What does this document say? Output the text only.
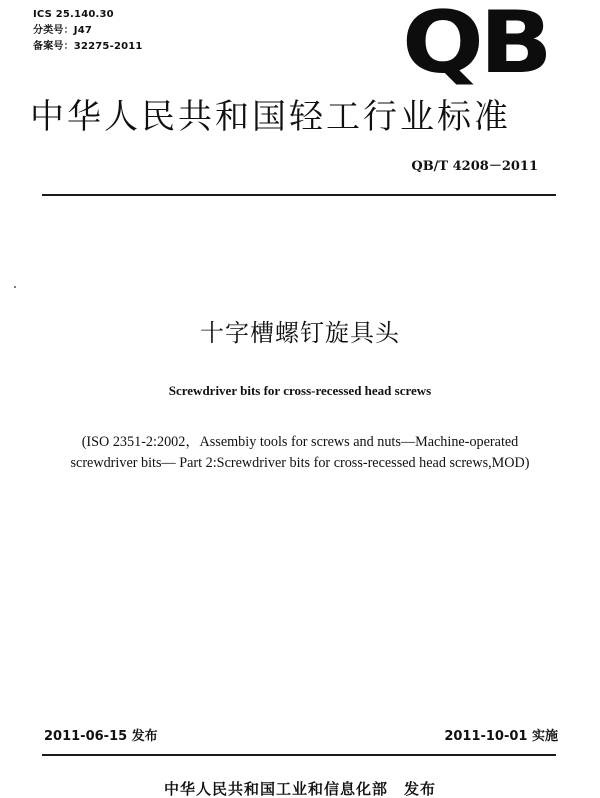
ICS 25.140.30
分类号：J47
备案号：32275-2011	QB
中华人民共和国轻工行业标准
QB/T 4208－2011
十字槽螺钉旋具头
Screwdriver bits for cross-recessed head screws
(ISO 2351-2:2002，Assembiy tools for screws and nuts—Machine-operated
screwdriver bits— Part 2:Screwdriver bits for cross-recessed head screws,MOD)
2011-06-15 发布	2011-10-01 实施
中华人民共和国工业和信息化部　发布
